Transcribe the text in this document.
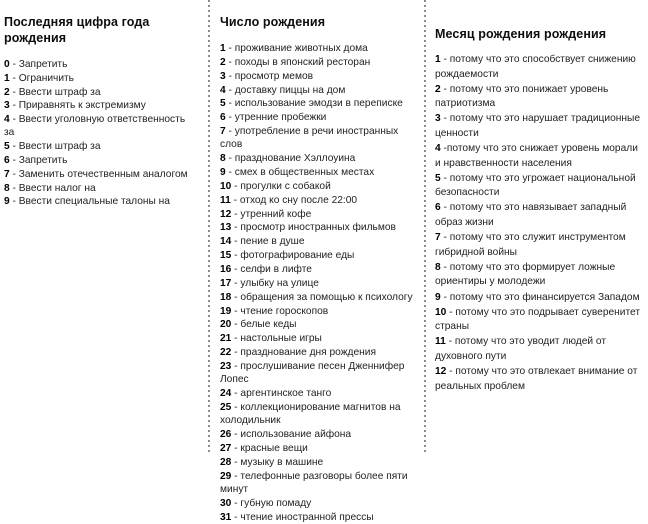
Последняя цифра года рождения
0 - Запретить
1 - Ограничить
2 - Ввести штраф за
3 - Приравнять к экстремизму
4 - Ввести уголовную ответственность за
5 - Ввести штраф за
6 - Запретить
7 - Заменить отечественным аналогом
8 - Ввести налог на
9 - Ввести специальные талоны на
Число рождения
1 - проживание животных дома
2 - походы в японский ресторан
3 - просмотр мемов
4 - доставку пиццы на дом
5 - использование эмодзи в переписке
6 - утренние пробежки
7 - употребление в речи иностранных слов
8 - празднование Хэллоуина
9 - смех в общественных местах
10 - прогулки с собакой
11 - отход ко сну после 22:00
12 - утренний кофе
13 - просмотр иностранных фильмов
14 - пение в душе
15 - фотографирование еды
16 - селфи в лифте
17 - улыбку на улице
18 - обращения за помощью к психологу
19 - чтение гороскопов
20 - белые кеды
21 - настольные игры
22 - празднование дня рождения
23 - прослушивание песен Дженнифер Лопес
24 - аргентинское танго
25 - коллекционирование магнитов на холодильник
26 - использование айфона
27 - красные вещи
28 - музыку в машине
29 - телефонные разговоры более пяти минут
30 - губную помаду
31 - чтение иностранной прессы
Месяц рождения рождения
1 - потому что это способствует снижению рождаемости
2 - потому что это понижает уровень патриотизма
3 - потому что это нарушает традиционные ценности
4 -потому что это снижает уровень морали и нравственности населения
5 - потому что это угрожает национальной безопасности
6 - потому что это навязывает западный образ жизни
7 - потому что это служит инструментом гибридной войны
8 - потому что это формирует ложные ориентиры у молодежи
9 - потому что это финансируется Западом
10 - потому что это подрывает суверенитет страны
11 - потому что это уводит людей от духовного пути
12 - потому что это отвлекает внимание от реальных проблем
